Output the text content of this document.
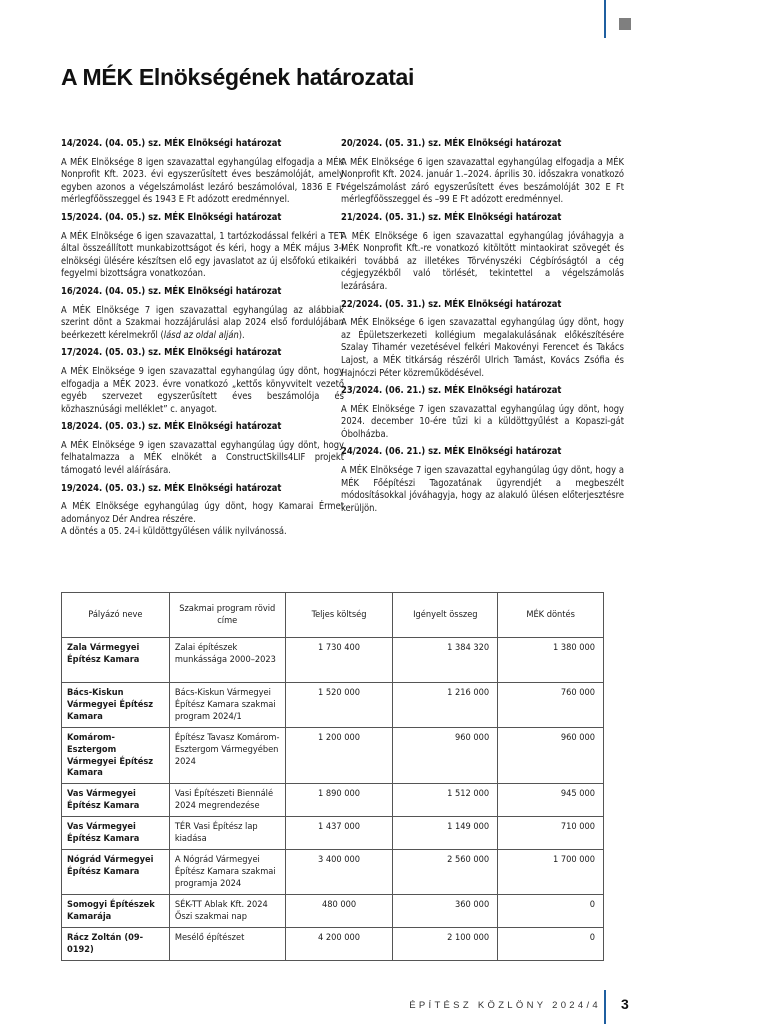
A MÉK Elnökségének határozatai
14/2024. (04. 05.) sz. MÉK Elnökségi határozat

A MÉK Elnöksége 8 igen szavazattal egyhangúlag elfogadja a MÉK Nonprofit Kft. 2023. évi egyszerűsített éves beszámolóját, amely egyben azonos a végelszámolást lezáró beszámolóval, 1836 E Ft mérlegfőösszeggel és 1943 E Ft adózott eredménnyel.

15/2024. (04. 05.) sz. MÉK Elnökségi határozat

A MÉK Elnöksége 6 igen szavazattal, 1 tartózkodással felkéri a TET által összeállított munkabizottságot és kéri, hogy a MÉK május 3-i elnökségi ülésére készítsen elő egy javaslatot az új elsőfokú etikai-fegyelmi bizottságra vonatkozóan.

16/2024. (04. 05.) sz. MÉK Elnökségi határozat

A MÉK Elnöksége 7 igen szavazattal egyhangúlag az alábbiak szerint dönt a Szakmai hozzájárulási alap 2024 első fordulójában beérkezett kérelmekről (lásd az oldal alján).

17/2024. (05. 03.) sz. MÉK Elnökségi határozat

A MÉK Elnöksége 9 igen szavazattal egyhangúlag úgy dönt, hogy elfogadja a MÉK 2023. évre vonatkozó „kettős könyvvitelt vezető egyéb szervezet egyszerűsített éves beszámolója és közhasznúsági melléklet” c. anyagot.

18/2024. (05. 03.) sz. MÉK Elnökségi határozat

A MÉK Elnöksége 9 igen szavazattal egyhangúlag úgy dönt, hogy felhatalmazza a MÉK elnökét a ConstructSkills4LIF projekt támogató levél aláírására.

19/2024. (05. 03.) sz. MÉK Elnökségi határozat

A MÉK Elnöksége egyhangúlag úgy dönt, hogy Kamarai Érmet adományoz Dér Andrea részére.

A döntés a 05. 24-i küldöttgyűlésen válik nyilvánossá.

20/2024. (05. 31.) sz. MÉK Elnökségi határozat

A MÉK Elnöksége 6 igen szavazattal egyhangúlag elfogadja a MÉK Nonprofit Kft. 2024. január 1.–2024. április 30. időszakra vonatkozó végelszámolást záró egyszerűsített éves beszámolóját 302 E Ft mérlegfőösszeggel és –99 E Ft adózott eredménnyel.

21/2024. (05. 31.) sz. MÉK Elnökségi határozat

A MÉK Elnöksége 6 igen szavazattal egyhangúlag jóváhagyja a MÉK Nonprofit Kft.-re vonatkozó kitöltött mintaokirat szövegét és kéri továbbá az illetékes Törvényszéki Cégbíróságtól a cég cégjegyzékből való törlését, tekintettel a végelszámolás lezárására.

22/2024. (05. 31.) sz. MÉK Elnökségi határozat

A MÉK Elnöksége 6 igen szavazattal egyhangúlag úgy dönt, hogy az Épületszerkezeti kollégium megalakulásának előkészítésére Szalay Tihamér vezetésével felkéri Makovényi Ferencet és Takács Lajost, a MÉK titkárság részéről Ulrich Tamást, Kovács Zsófia és Hajnóczi Péter közreműködésével.

23/2024. (06. 21.) sz. MÉK Elnökségi határozat

A MÉK Elnöksége 7 igen szavazattal egyhangúlag úgy dönt, hogy 2024. december 10-ére tűzi ki a küldöttgyűlést a Kopaszi-gát Óbolházba.

24/2024. (06. 21.) sz. MÉK Elnökségi határozat

A MÉK Elnöksége 7 igen szavazattal egyhangúlag úgy dönt, hogy a MÉK Főépítészi Tagozatának ügyrendjét a megbeszélt módosításokkal jóváhagyja, hogy az alakuló ülésen előterjesztésre kerüljön.

Pályázó neve	Szakmai program rövid címe	Teljes költség	Igényelt összeg	MÉK döntés
Zala Vármegyei Építész Kamara	Zalai építészek munkássága 2000–2023	1 730 400	1 384 320	1 380 000
Bács-Kiskun Vármegyei Építész Kamara	Bács-Kiskun Vármegyei Építész Kamara szakmai program 2024/1	1 520 000	1 216 000	760 000
Komárom-Esztergom Vármegyei Építész Kamara	Építész Tavasz Komárom-Esztergom Vármegyében 2024	1 200 000	960 000	960 000
Vas Vármegyei Építész Kamara	Vasi Építészeti Biennálé 2024 megrendezése	1 890 000	1 512 000	945 000
Vas Vármegyei Építész Kamara	TÉR Vasi Építész lap kiadása	1 437 000	1 149 000	710 000
Nógrád Vármegyei Építész Kamara	A Nógrád Vármegyei Építész Kamara szakmai programja 2024	3 400 000	2 560 000	1 700 000
Somogyi Építészek Kamarája	SÉK-TT Ablak Kft. 2024 Őszi szakmai nap	480 000	360 000	0
Rácz Zoltán (09-0192)	Mesélő építészet	4 200 000	2 100 000	0
ÉPÍTÉSZ KÖZLÖNY 2024/4 3
